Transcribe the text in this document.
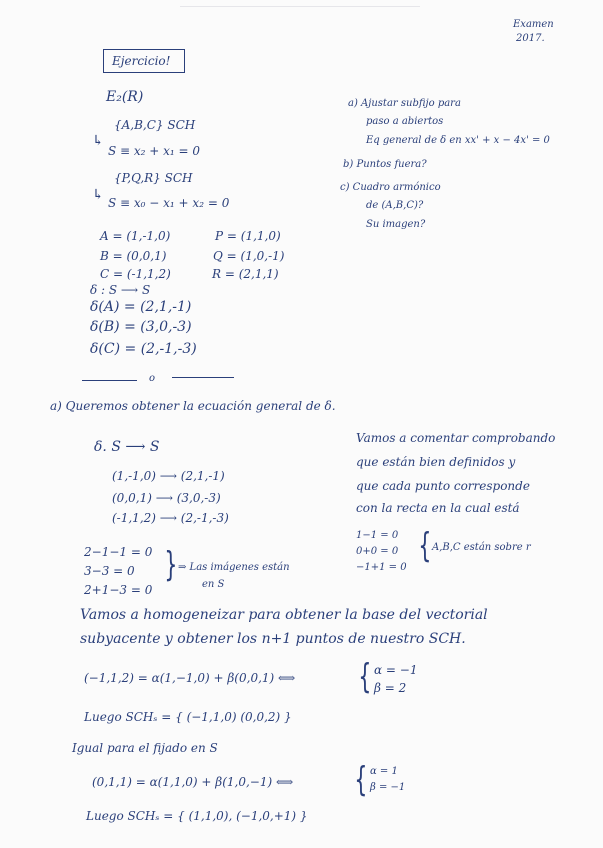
Examen
2017.
Ejercicio!
E₂(R)
{A,B,C} SCH
↳
S ≡ x₂ + x₁ = 0
{P,Q,R} SCH
↳ S ≡ x₀ − x₁ + x₂ = 0
A = (1,-1,0)
B = (0,0,1)
C = (-1,1,2)
P = (1,1,0)
Q = (1,0,-1)
R = (2,1,1)
δ : S ⟶ S
δ(A) = (2,1,-1)
δ(B) = (3,0,-3)
δ(C) = (2,-1,-3)
o
a) Ajustar subfijo para
paso a abiertos
Eq general de δ en xx' + x − 4x' = 0
b) Puntos fuera?
c) Cuadro armónico
de (A,B,C)?
Su imagen?
a) Queremos obtener la ecuación general de δ.
δ. S ⟶ S
(1,-1,0) ⟶ (2,1,-1)
(0,0,1) ⟶ (3,0,-3)
(-1,1,2) ⟶ (2,-1,-3)
Vamos a comentar comprobando
que están bien definidos y
que cada punto corresponde
con la recta en la cual está
1−1 = 0
0+0 = 0
−1+1 = 0
{ A,B,C están sobre r
2−1−1 = 0
3−3 = 0
2+1−3 = 0
} ⇒ Las imágenes están
en S
Vamos a homogeneizar para obtener la base del vectorial
subyacente y obtener los n+1 puntos de nuestro SCH.
(−1,1,2) = α(1,−1,0) + β(0,0,1) ⟺ { α = −1
β = 2
Luego SCHₛ = { (−1,1,0) (0,0,2) }
Igual para el fijado en S
(0,1,1) = α(1,1,0) + β(1,0,−1) ⟺ { α = 1
β = −1
Luego SCHₛ = { (1,1,0), (−1,0,+1) }
